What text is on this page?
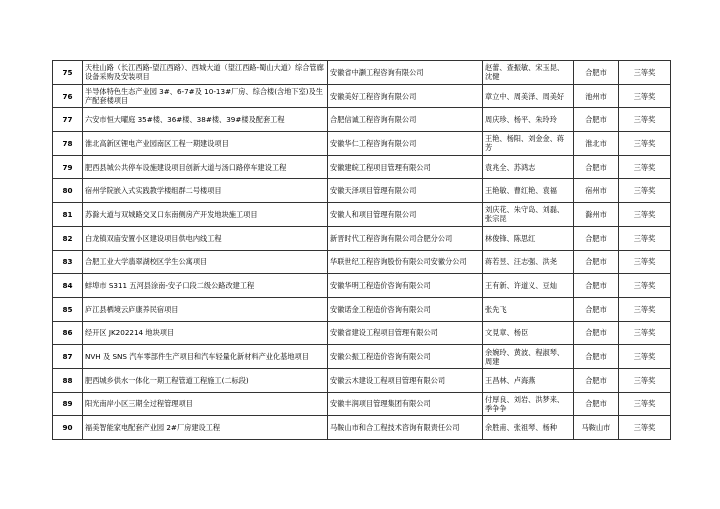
75	天柱山路（长江西路-望江西路）、西城大道（望江西路-蜀山大道）综合管廊设备采购及安装项目	安徽省中灏工程咨询有限公司	赵蕾、查振敏、宋玉昆、沈健	合肥市	三等奖
76	半导体特色生态产业园 3#、6-7#及 10-13#厂房、综合楼(含地下室)及生产配套楼项目	安徽美好工程咨询有限公司	章立中、周美泽、周美好	池州市	三等奖
77	六安市恒大曜庭 35#楼、36#楼、38#楼、39#楼及配套工程	合肥信诚工程咨询有限公司	周庆珍、杨平、朱玲玲	合肥市	三等奖
78	淮北高新区锂电产业园南区工程一期建设项目	安徽华仁工程咨询有限公司	王艳、杨阳、刘金金、蒋芳	淮北市	三等奖
79	肥西县城公共停车设施建设项目创新大道与汤口路停车建设工程	安徽建皖工程项目管理有限公司	袁兆全、苏鸿志	合肥市	三等奖
80	宿州学院嵌入式实践教学楼组群二号楼项目	安徽天泽项目管理有限公司	王艳敏、曹红艳、袁福	宿州市	三等奖
81	苏滁大道与双城路交叉口东南侧房产开发地块施工项目	安徽人和项目管理有限公司	刘庆花、朱守岛、刘磊、张宗昆	滁州市	三等奖
82	白龙镇双庙安置小区建设项目供电内线工程	新晋时代工程咨询有限公司合肥分公司	林俊锋、陈思红	合肥市	三等奖
83	合肥工业大学翡翠湖校区学生公寓项目	华联世纪工程咨询股份有限公司安徽分公司	蒋若昱、汪志强、洪尧	合肥市	三等奖
84	蚌埠市 S311 五河县涂南-安子口段二级公路改建工程	安徽华明工程造价咨询有限公司	王有新、许道义、豆灿	合肥市	三等奖
85	庐江县栖境云庐康养民宿项目	安徽诺金工程造价咨询有限公司	张先飞	合肥市	三等奖
86	经开区 JK202214 地块项目	安徽省建设工程项目管理有限公司	文見章、杨臣	合肥市	三等奖
87	NVH 及 SNS 汽车零部件生产项目和汽车轻量化新材料产业化基地项目	安徽公振工程造价咨询有限公司	余婉玲、黄波、程淑琴、周建	合肥市	三等奖
88	肥西城乡供水一体化一期工程管道工程施工(二标段)	安徽云木建设工程项目管理有限公司	王昌林、卢海燕	合肥市	三等奖
89	阳光南岸小区三期全过程管理项目	安徽丰润项目管理集团有限公司	付厚良、刘岩、洪梦来、季争争	合肥市	三等奖
90	福美智能家电配套产业园 2#厂房建设工程	马鞍山市和合工程技术咨询有限责任公司	余胜甫、张祖琴、杨种	马鞍山市	三等奖
